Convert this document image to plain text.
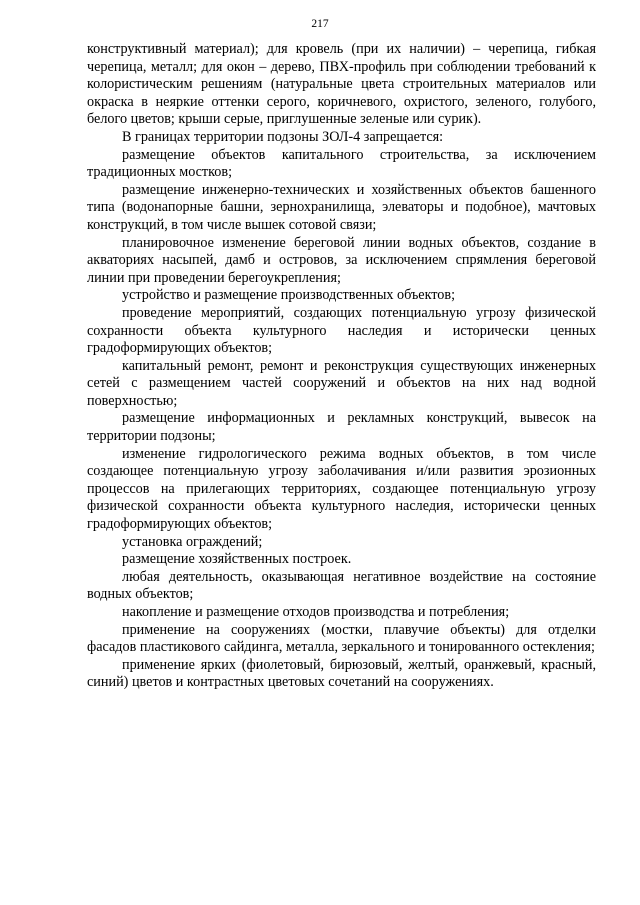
217

конструктивный материал); для кровель (при их наличии) – черепица, гибкая черепица, металл; для окон – дерево, ПВХ-профиль при соблюдении требований к колористическим решениям (натуральные цвета строительных материалов или окраска в неяркие оттенки серого, коричневого, охристого, зеленого, голубого, белого цветов; крыши серые, приглушенные зеленые или сурик).

В границах территории подзоны ЗОЛ-4 запрещается:

размещение объектов капитального строительства, за исключением традиционных мостков;

размещение инженерно-технических и хозяйственных объектов башенного типа (водонапорные башни, зернохранилища, элеваторы и подобное), мачтовых конструкций, в том числе вышек сотовой связи;

планировочное изменение береговой линии водных объектов, создание в акваториях насыпей, дамб и островов, за исключением спрямления береговой линии при проведении берегоукрепления;

устройство и размещение производственных объектов;

проведение мероприятий, создающих потенциальную угрозу физической сохранности объекта культурного наследия и исторически ценных градоформирующих объектов;

капитальный ремонт, ремонт и реконструкция существующих инженерных сетей с размещением частей сооружений и объектов на них над водной поверхностью;

размещение информационных и рекламных конструкций, вывесок на территории подзоны;

изменение гидрологического режима водных объектов, в том числе создающее потенциальную угрозу заболачивания и/или развития эрозионных процессов на прилегающих территориях, создающее потенциальную угрозу физической сохранности объекта культурного наследия, исторически ценных градоформирующих объектов;

установка ограждений;

размещение хозяйственных построек.

любая деятельность, оказывающая негативное воздействие на состояние водных объектов;

накопление и размещение отходов производства и потребления;

применение на сооружениях (мостки, плавучие объекты) для отделки фасадов пластикового сайдинга, металла, зеркального и тонированного остекления;

применение ярких (фиолетовый, бирюзовый, желтый, оранжевый, красный, синий) цветов и контрастных цветовых сочетаний на сооружениях.
